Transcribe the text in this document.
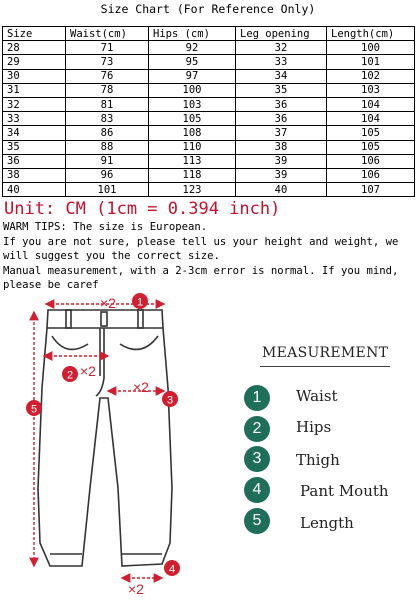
Size Chart (For Reference Only)
Size	Waist(cm)	Hips (cm)	Leg opening	Length(cm)
28	71	92	32	100
29	73	95	33	101
30	76	97	34	102
31	78	100	35	103
32	81	103	36	104
33	83	105	36	104
34	86	108	37	105
35	88	110	38	105
36	91	113	39	106
38	96	118	39	106
40	101	123	40	107
Unit: CM (1cm = 0.394 inch)
WARM TIPS: The size is European.
If you are not sure, please tell us your height and weight, we
will suggest you the correct size.
Manual measurement, with a 2-3cm error is normal. If you mind,
please be caref
×2
×2
×2
×2
1
2
3
4
5
MEASUREMENT
1	Waist
2	Hips
3	Thigh
4	Pant Mouth
5	Length
